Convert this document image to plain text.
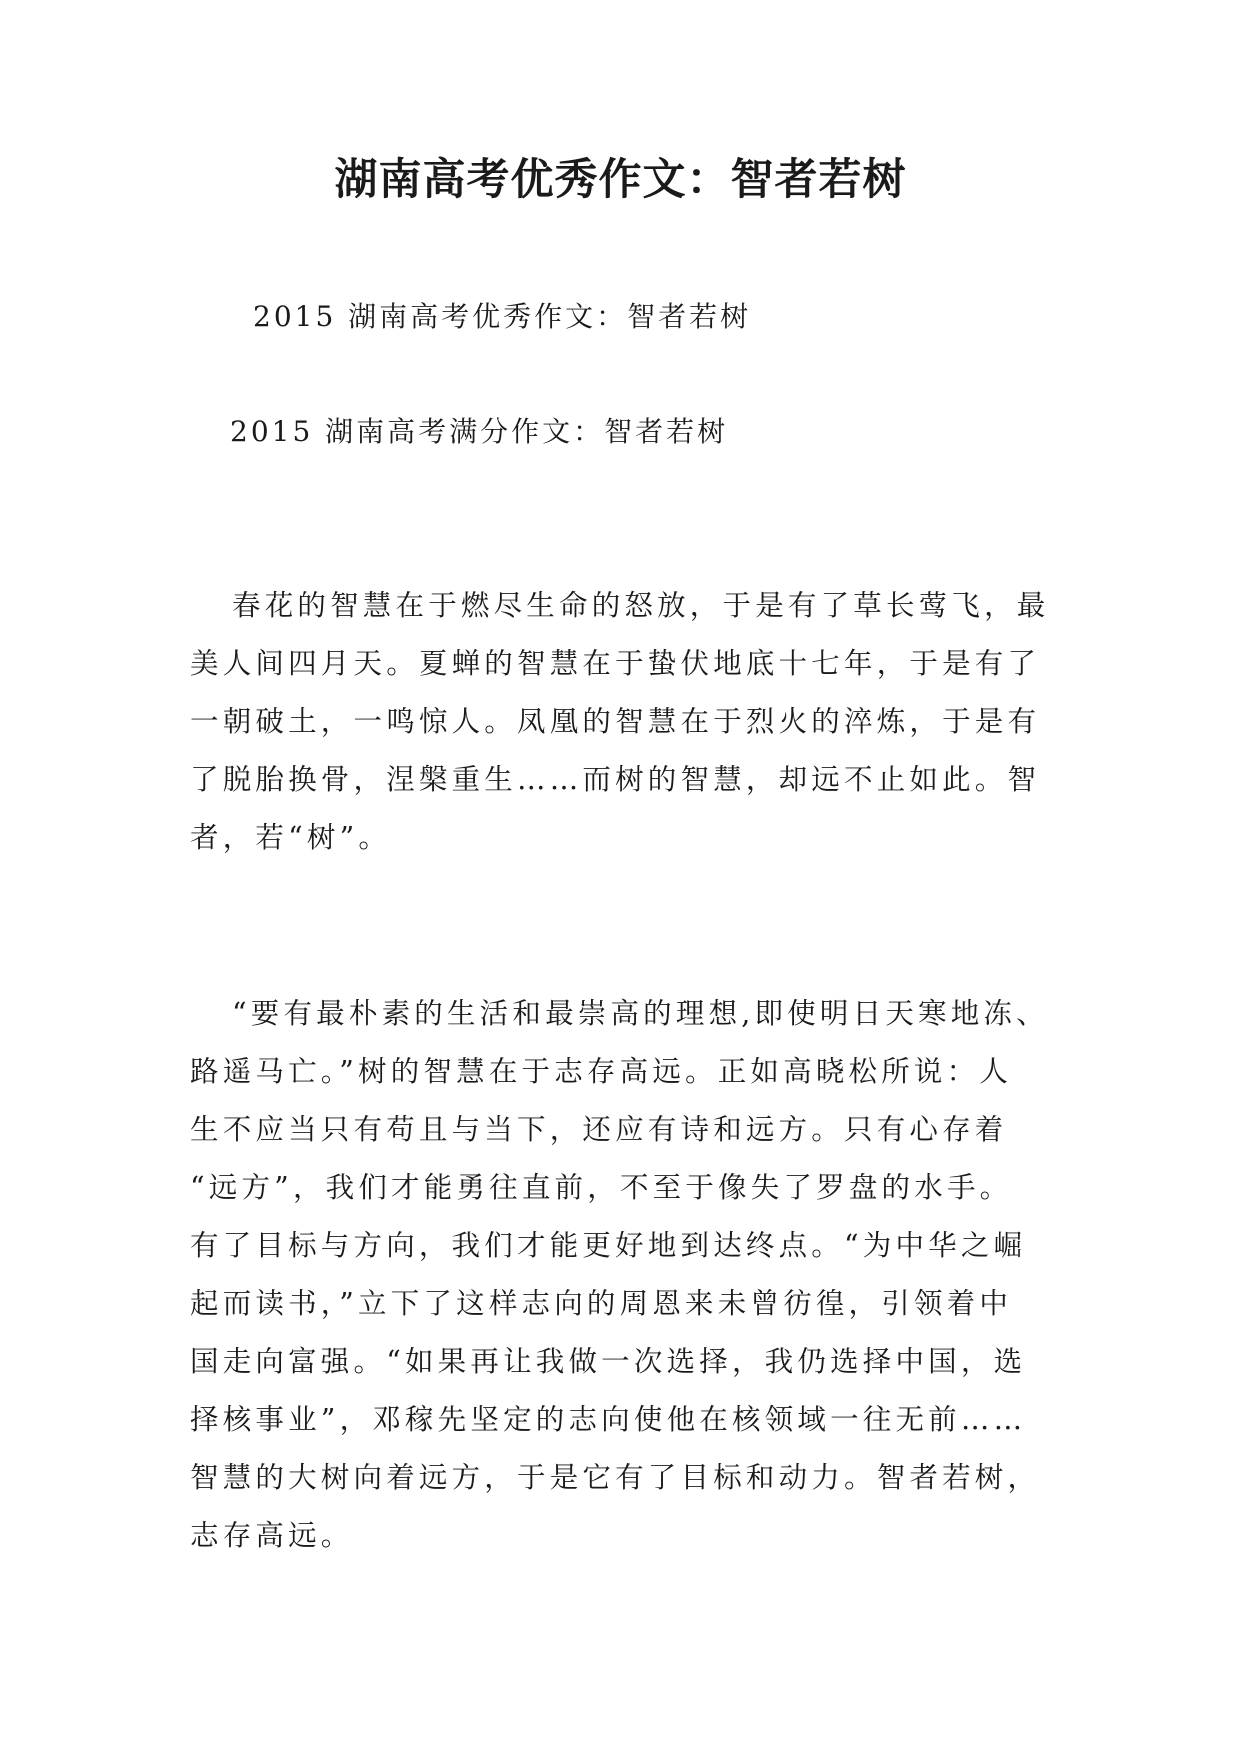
湖南高考优秀作文：智者若树

2015 湖南高考优秀作文：智者若树

2015 湖南高考满分作文：智者若树

春花的智慧在于燃尽生命的怒放，于是有了草长莺飞，最
美人间四月天。夏蝉的智慧在于蛰伏地底十七年，于是有了
一朝破土，一鸣惊人。凤凰的智慧在于烈火的淬炼，于是有
了脱胎换骨，涅槃重生……而树的智慧，却远不止如此。智
者，若“树”。
“要有最朴素的生活和最崇高的理想,即使明日天寒地冻、
路遥马亡。”树的智慧在于志存高远。正如高晓松所说：人
生不应当只有苟且与当下，还应有诗和远方。只有心存着
“远方”，我们才能勇往直前，不至于像失了罗盘的水手。
有了目标与方向，我们才能更好地到达终点。“为中华之崛
起而读书，”立下了这样志向的周恩来未曾彷徨，引领着中
国走向富强。“如果再让我做一次选择，我仍选择中国，选
择核事业”，邓稼先坚定的志向使他在核领域一往无前……
智慧的大树向着远方，于是它有了目标和动力。智者若树，
志存高远。
